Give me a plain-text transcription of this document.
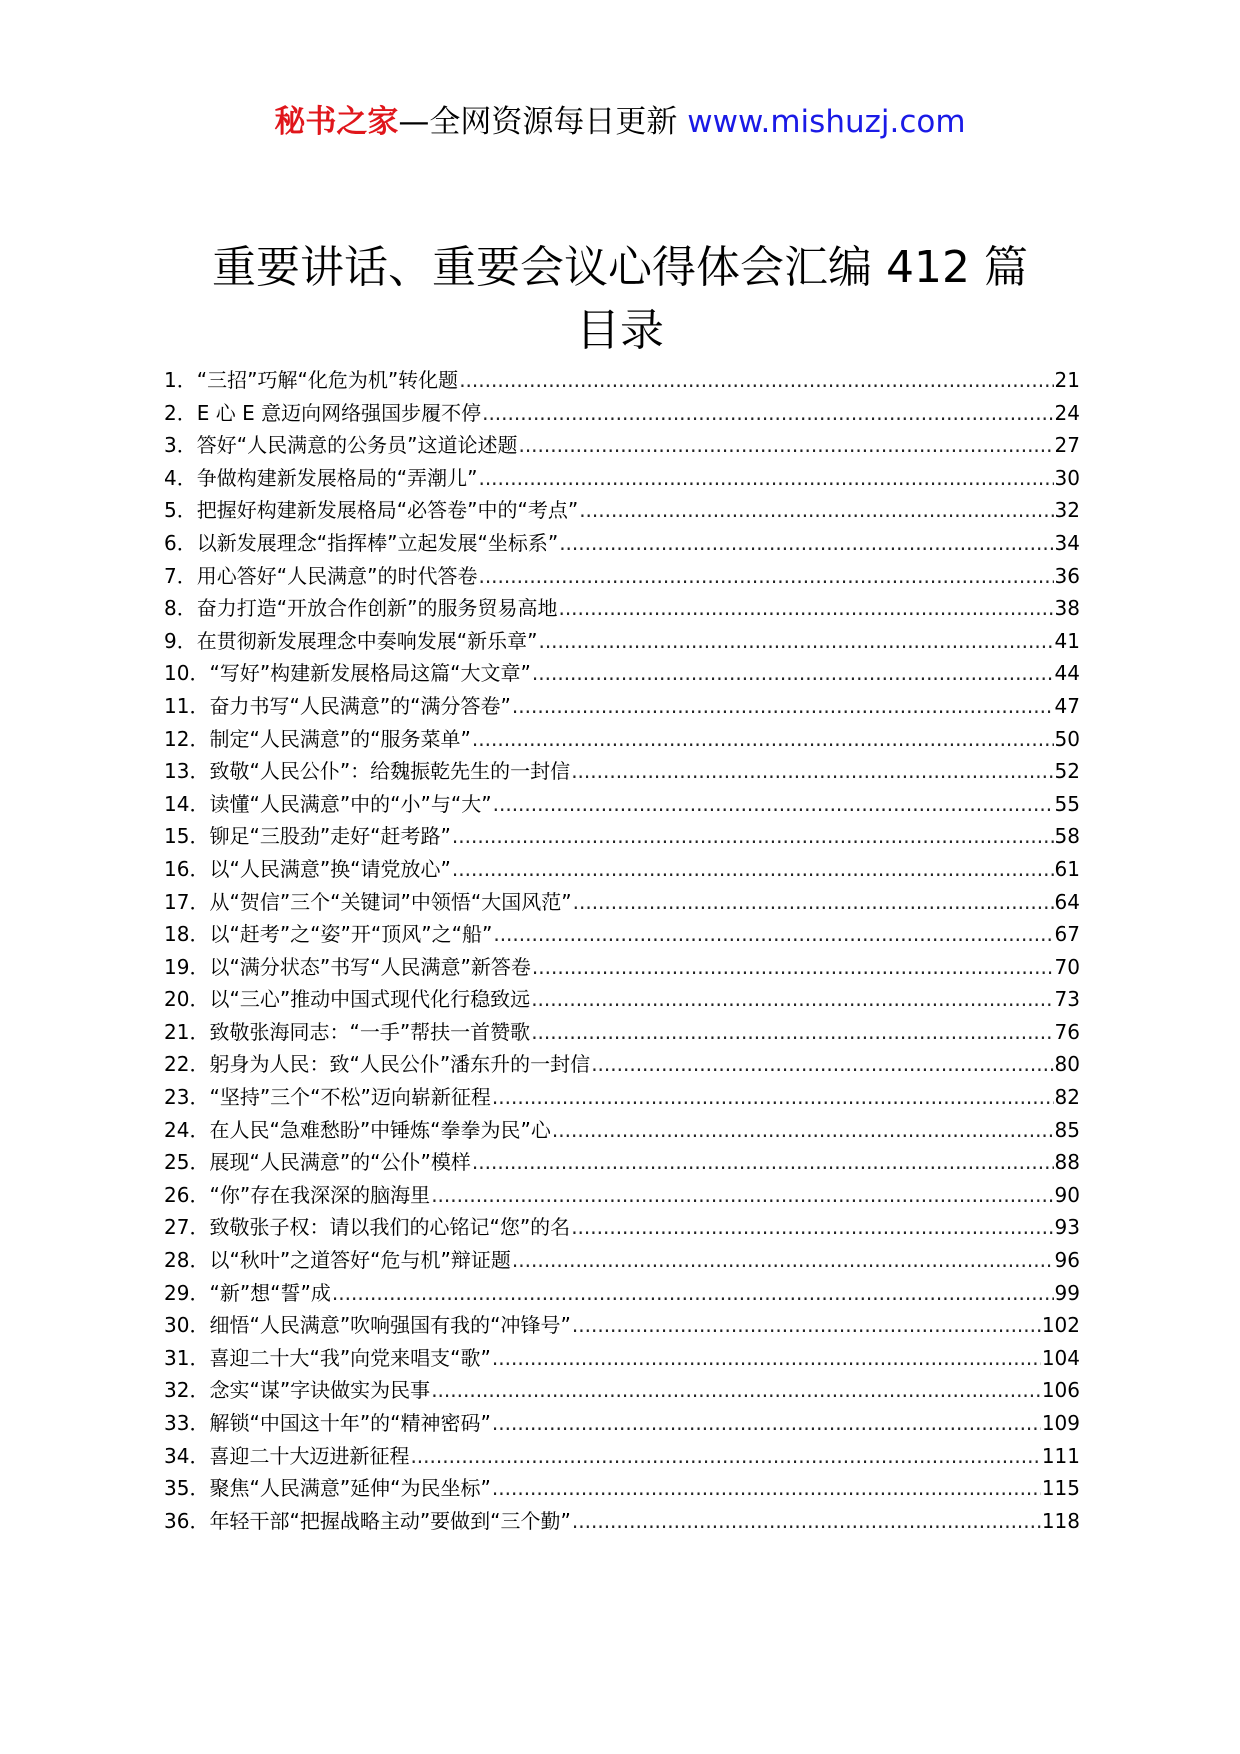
秘书之家—全网资源每日更新 www.mishuzj.com
重要讲话、重要会议心得体会汇编 412 篇
目录
1． “三招”巧解“化危为机”转化题 .....	21
2． E 心 E 意迈向网络强国步履不停 .....	24
3． 答好“人民满意的公务员”这道论述题 .....	27
4． 争做构建新发展格局的“弄潮儿” .....	30
5． 把握好构建新发展格局“必答卷”中的“考点” .....	32
6． 以新发展理念“指挥棒”立起发展“坐标系” .....	34
7． 用心答好“人民满意”的时代答卷 .....	36
8． 奋力打造“开放合作创新”的服务贸易高地 .....	38
9． 在贯彻新发展理念中奏响发展“新乐章” .....	41
10． “写好”构建新发展格局这篇“大文章” .....	44
11． 奋力书写“人民满意”的“满分答卷” .....	47
12． 制定“人民满意”的“服务菜单” .....	50
13． 致敬“人民公仆”：给魏振乾先生的一封信 .....	52
14． 读懂“人民满意”中的“小”与“大” .....	55
15． 铆足“三股劲”走好“赶考路” .....	58
16． 以“人民满意”换“请党放心” .....	61
17． 从“贺信”三个“关键词”中领悟“大国风范” .....	64
18． 以“赶考”之“姿”开“顶风”之“船” .....	67
19． 以“满分状态”书写“人民满意”新答卷 .....	70
20． 以“三心”推动中国式现代化行稳致远 .....	73
21． 致敬张海同志：“一手”帮扶一首赞歌 .....	76
22． 躬身为人民：致“人民公仆”潘东升的一封信 .....	80
23． “坚持”三个“不松”迈向崭新征程 .....	82
24． 在人民“急难愁盼”中锤炼“拳拳为民”心 .....	85
25． 展现“人民满意”的“公仆”模样 .....	88
26． “你”存在我深深的脑海里 .....	90
27． 致敬张子权：请以我们的心铭记“您”的名 .....	93
28． 以“秋叶”之道答好“危与机”辩证题 .....	96
29． “新”想“誓”成 .....	99
30． 细悟“人民满意”吹响强国有我的“冲锋号” .....	102
31． 喜迎二十大“我”向党来唱支“歌” .....	104
32． 念实“谋”字诀做实为民事 .....	106
33． 解锁“中国这十年”的“精神密码” .....	109
34． 喜迎二十大迈进新征程 .....	111
35． 聚焦“人民满意”延伸“为民坐标” .....	115
36． 年轻干部“把握战略主动”要做到“三个勤” .....	118
